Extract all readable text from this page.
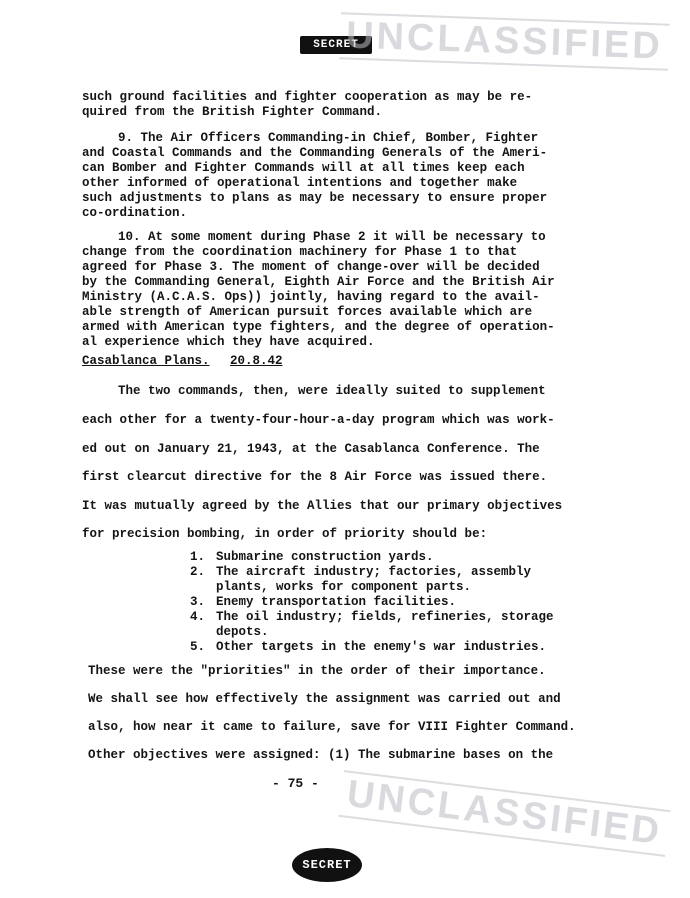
SECRET
UNCLASSIFIED
such ground facilities and fighter cooperation as may be re-
quired from the British Fighter Command.
9. The Air Officers Commanding-in Chief, Bomber, Fighter
and Coastal Commands and the Commanding Generals of the Ameri-
can Bomber and Fighter Commands will at all times keep each
other informed of operational intentions and together make
such adjustments to plans as may be necessary to ensure proper
co-ordination.
10. At some moment during Phase 2 it will be necessary to
change from the coordination machinery for Phase 1 to that
agreed for Phase 3. The moment of change-over will be decided
by the Commanding General, Eighth Air Force and the British Air
Ministry (A.C.A.S. Ops)) jointly, having regard to the avail-
able strength of American pursuit forces available which are
armed with American type fighters, and the degree of operation-
al experience which they have acquired.
Casablanca Plans. 20.8.42
The two commands, then, were ideally suited to supplement
each other for a twenty-four-hour-a-day program which was work-
ed out on January 21, 1943, at the Casablanca Conference. The
first clearcut directive for the 8 Air Force was issued there.
It was mutually agreed by the Allies that our primary objectives
for precision bombing, in order of priority should be:
1. Submarine construction yards.
2. The aircraft industry; factories, assembly
plants, works for component parts.
3. Enemy transportation facilities.
4. The oil industry; fields, refineries, storage
depots.
5. Other targets in the enemy's war industries.
These were the "priorities" in the order of their importance.
We shall see how effectively the assignment was carried out and
also, how near it came to failure, save for VIII Fighter Command.
Other objectives were assigned: (1) The submarine bases on the
- 75 - UNCLASSIFIED
SECRET
